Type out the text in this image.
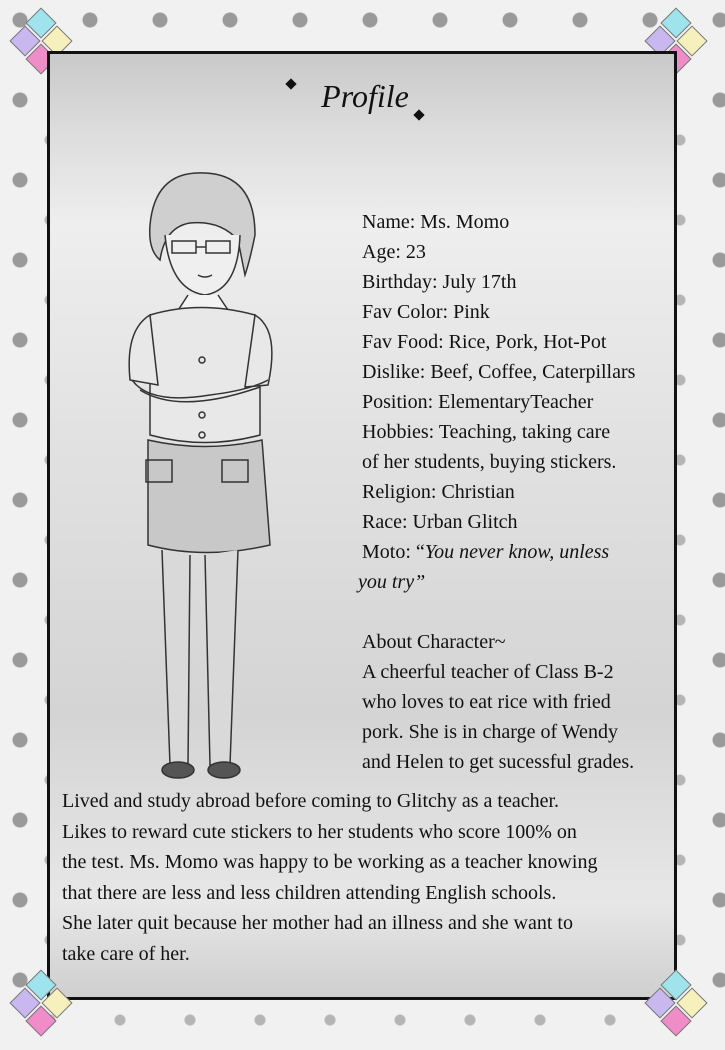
Profile
Name: Ms. Momo
Age: 23
Birthday: July 17th
Fav Color: Pink
Fav Food: Rice, Pork, Hot-Pot
Dislike: Beef, Coffee, Caterpillars
Position: ElementaryTeacher
Hobbies: Teaching, taking care
of her students, buying stickers.
Religion: Christian
Race: Urban Glitch
Moto: “You never know, unless
you try”
About Character~
A cheerful teacher of Class B-2
who loves to eat rice with fried
pork. She is in charge of Wendy
and Helen to get sucessful grades.
Lived and study abroad before coming to Glitchy as a teacher.
Likes to reward cute stickers to her students who score 100% on
the test. Ms. Momo was happy to be working as a teacher knowing
that there are less and less children attending English schools.
She later quit because her mother had an illness and she want to
take care of her.
